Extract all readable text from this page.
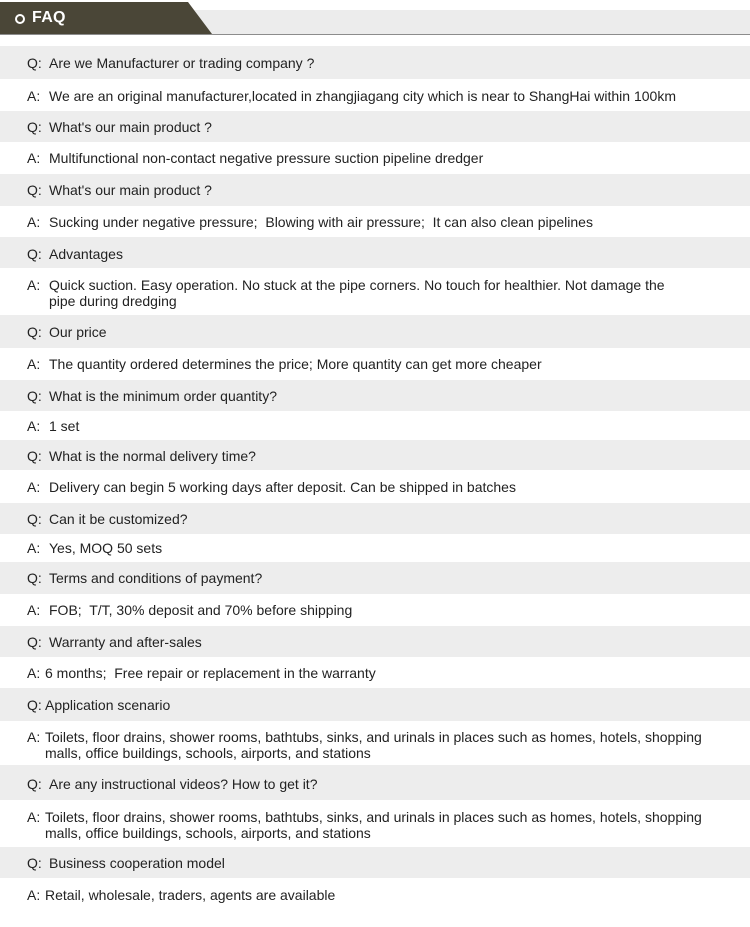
FAQ
Q: Are we Manufacturer or trading company ?
A: We are an original manufacturer,located in zhangjiagang city which is near to ShangHai within 100km
Q: What's our main product ?
A: Multifunctional non-contact negative pressure suction pipeline dredger
Q: What's our main product ?
A: Sucking under negative pressure;  Blowing with air pressure;  It can also clean pipelines
Q: Advantages
A: Quick suction. Easy operation. No stuck at the pipe corners. No touch for healthier. Not damage the
pipe during dredging
Q: Our price
A: The quantity ordered determines the price; More quantity can get more cheaper
Q: What is the minimum order quantity?
A: 1 set
Q: What is the normal delivery time?
A: Delivery can begin 5 working days after deposit. Can be shipped in batches
Q: Can it be customized?
A: Yes, MOQ 50 sets
Q: Terms and conditions of payment?
A: FOB;  T/T, 30% deposit and 70% before shipping
Q: Warranty and after-sales
A: 6 months;  Free repair or replacement in the warranty
Q: Application scenario
A: Toilets, floor drains, shower rooms, bathtubs, sinks, and urinals in places such as homes, hotels, shopping
malls, office buildings, schools, airports, and stations
Q: Are any instructional videos? How to get it?
A: Toilets, floor drains, shower rooms, bathtubs, sinks, and urinals in places such as homes, hotels, shopping
malls, office buildings, schools, airports, and stations
Q: Business cooperation model
A: Retail, wholesale, traders, agents are available
